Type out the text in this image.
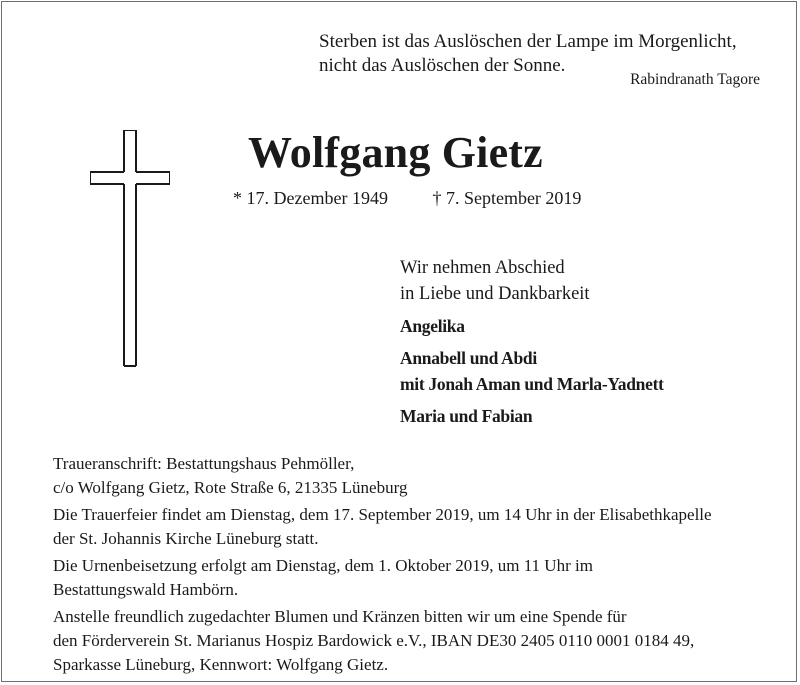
Sterben ist das Auslöschen der Lampe im Morgenlicht,
nicht das Auslöschen der Sonne.
Rabindranath Tagore
Wolfgang Gietz
* 17. Dezember 1949 † 7. September 2019
Wir nehmen Abschied
in Liebe und Dankbarkeit
Angelika
Annabell und Abdi
mit Jonah Aman und Marla-Yadnett
Maria und Fabian
Traueranschrift: Bestattungshaus Pehmöller,
c/o Wolfgang Gietz, Rote Straße 6, 21335 Lüneburg
Die Trauerfeier findet am Dienstag, dem 17. September 2019, um 14 Uhr in der Elisabethkapelle
der St. Johannis Kirche Lüneburg statt.
Die Urnenbeisetzung erfolgt am Dienstag, dem 1. Oktober 2019, um 11 Uhr im
Bestattungswald Hambörn.
Anstelle freundlich zugedachter Blumen und Kränzen bitten wir um eine Spende für
den Förderverein St. Marianus Hospiz Bardowick e.V., IBAN DE30 2405 0110 0001 0184 49,
Sparkasse Lüneburg, Kennwort: Wolfgang Gietz.
